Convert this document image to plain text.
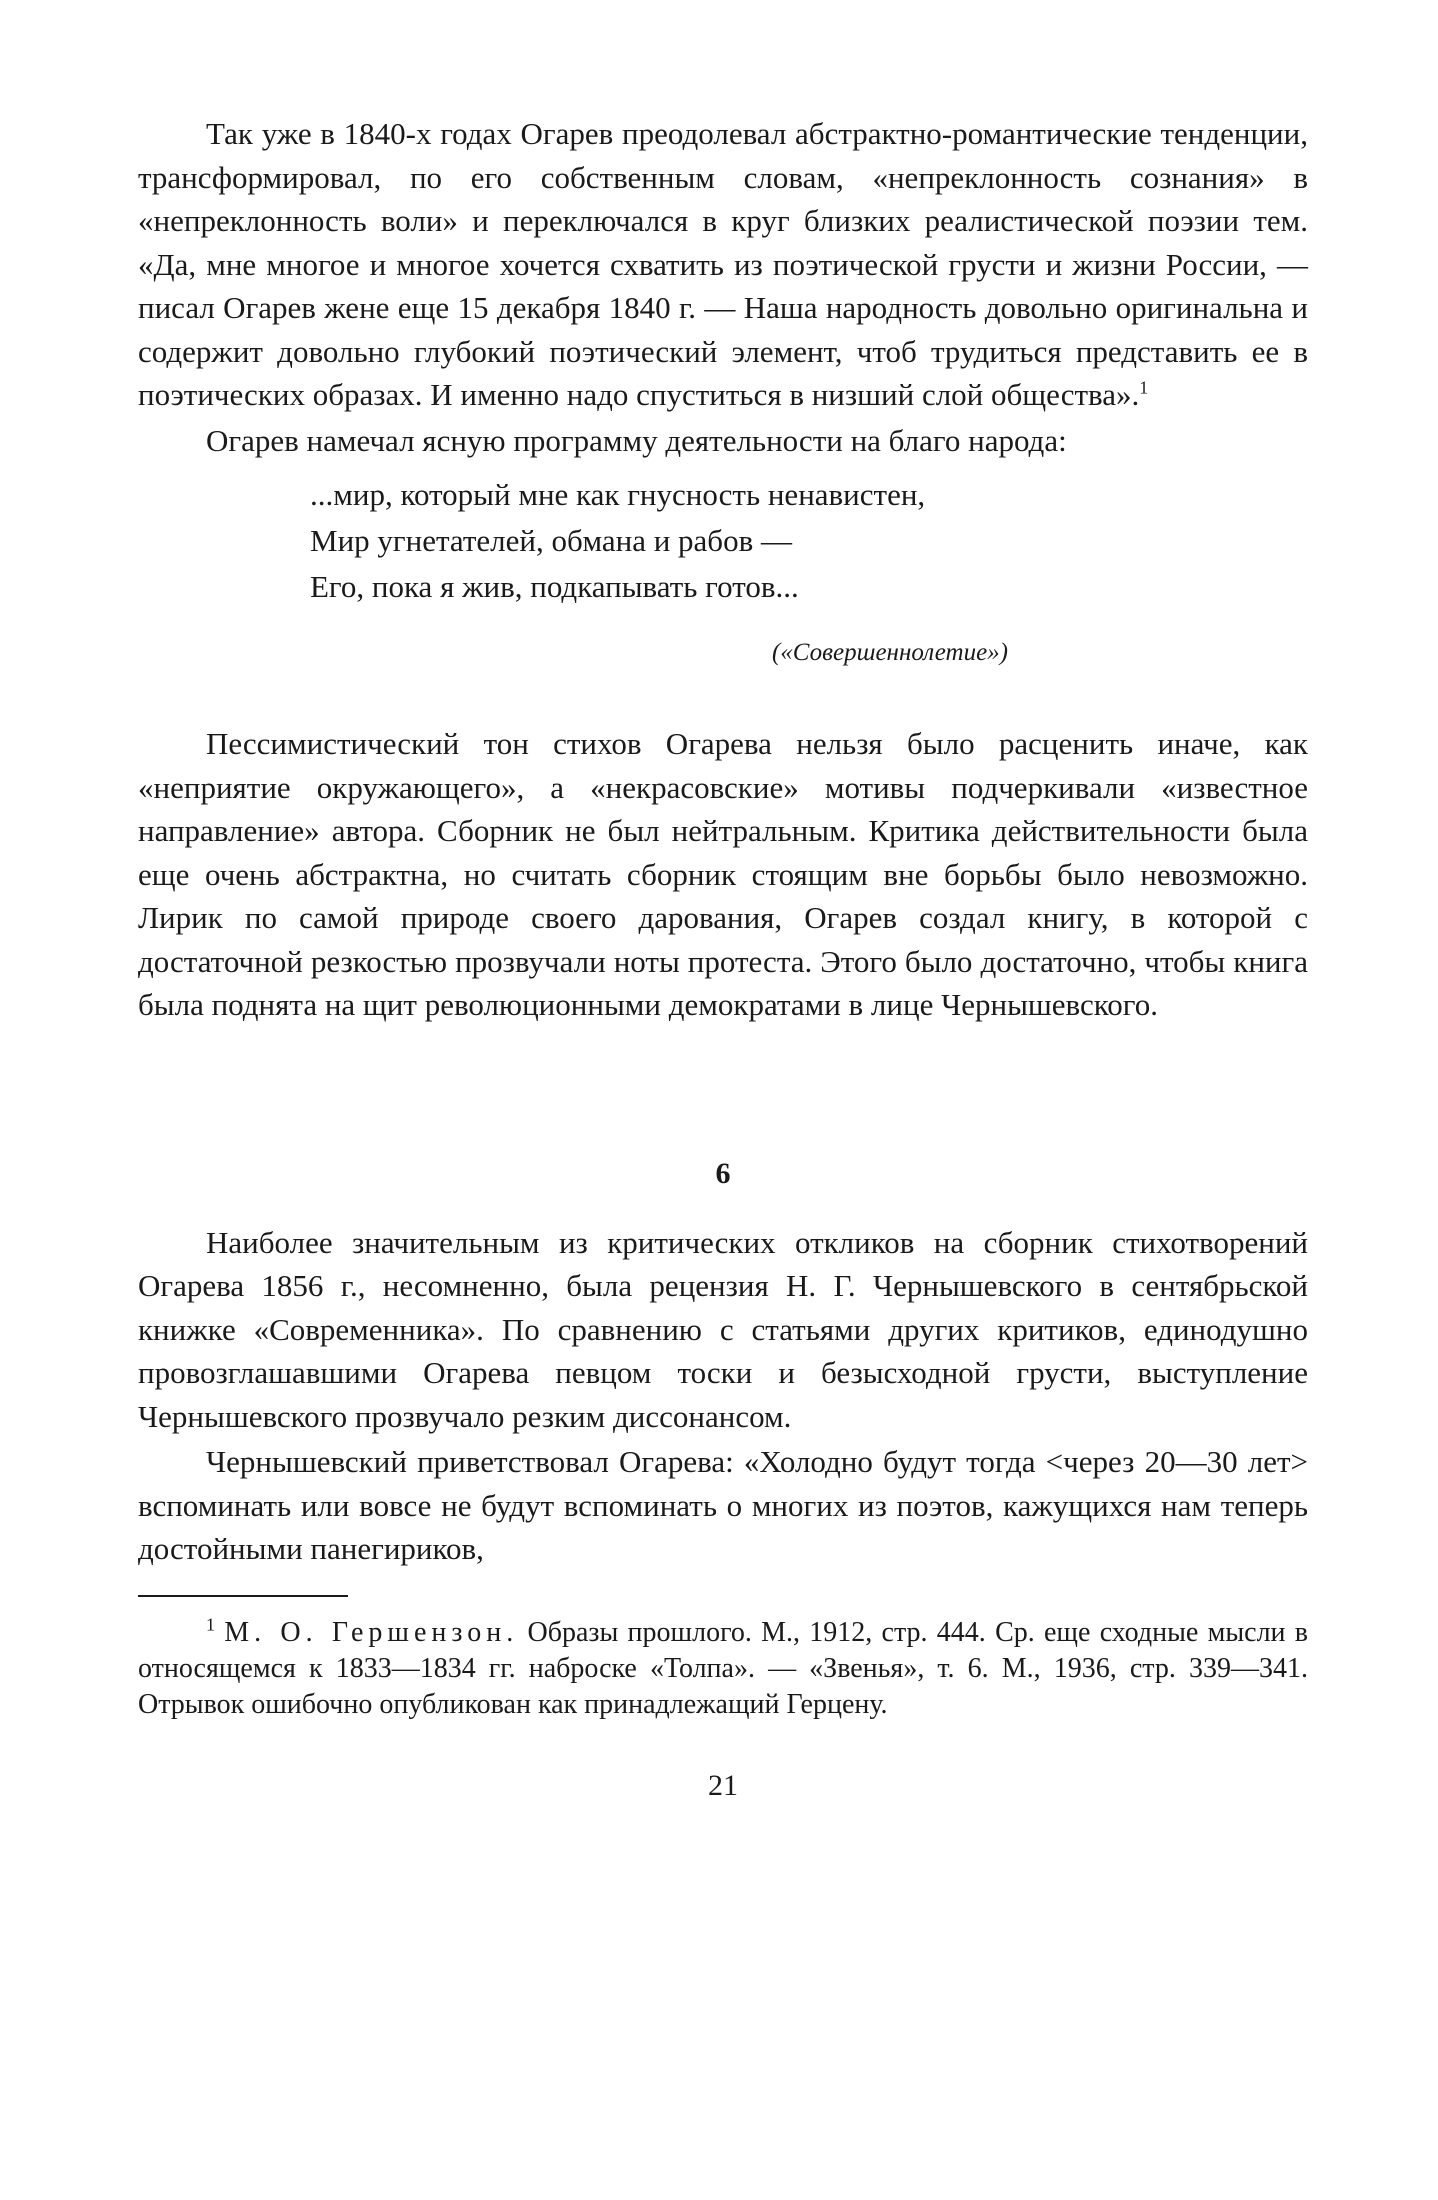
Так уже в 1840-х годах Огарев преодолевал абстрактно-романтические тенденции, трансформировал, по его собственным словам, «непреклонность сознания» в «непреклонность воли» и переключался в круг близких реалистической поэзии тем. «Да, мне многое и многое хочется схватить из поэтической грусти и жизни России, — писал Огарев жене еще 15 декабря 1840 г. — Наша народность довольно оригинальна и содержит довольно глубокий поэтический элемент, чтоб трудиться представить ее в поэтических образах. И именно надо спуститься в низший слой общества».$^1$

Огарев намечал ясную программу деятельности на благо народа:

...мир, который мне как гнусность ненавистен,
Мир угнетателей, обмана и рабов —
Его, пока я жив, подкапывать готов...
(«Совершеннолетие»)

Пессимистический тон стихов Огарева нельзя было расценить иначе, как «неприятие окружающего», а «некрасовские» мотивы подчеркивали «известное направление» автора. Сборник не был нейтральным. Критика действительности была еще очень абстрактна, но считать сборник стоящим вне борьбы было невозможно. Лирик по самой природе своего дарования, Огарев создал книгу, в которой с достаточной резкостью прозвучали ноты протеста. Этого было достаточно, чтобы книга была поднята на щит революционными демократами в лице Чернышевского.

6

Наиболее значительным из критических откликов на сборник стихотворений Огарева 1856 г., несомненно, была рецензия Н. Г. Чернышевского в сентябрьской книжке «Современника». По сравнению с статьями других критиков, единодушно провозглашавшими Огарева певцом тоски и безысходной грусти, выступление Чернышевского прозвучало резким диссонансом.

Чернышевский приветствовал Огарева: «Холодно будут тогда <через 20—30 лет> вспоминать или вовсе не будут вспоминать о многих из поэтов, кажущихся нам теперь достойными панегириков,

$^1$ М. О. Гершензон. Образы прошлого. М., 1912, стр. 444. Ср. еще сходные мысли в относящемся к 1833—1834 гг. наброске «Толпа». — «Звенья», т. 6. М., 1936, стр. 339—341. Отрывок ошибочно опубликован как принадлежащий Герцену.

21
